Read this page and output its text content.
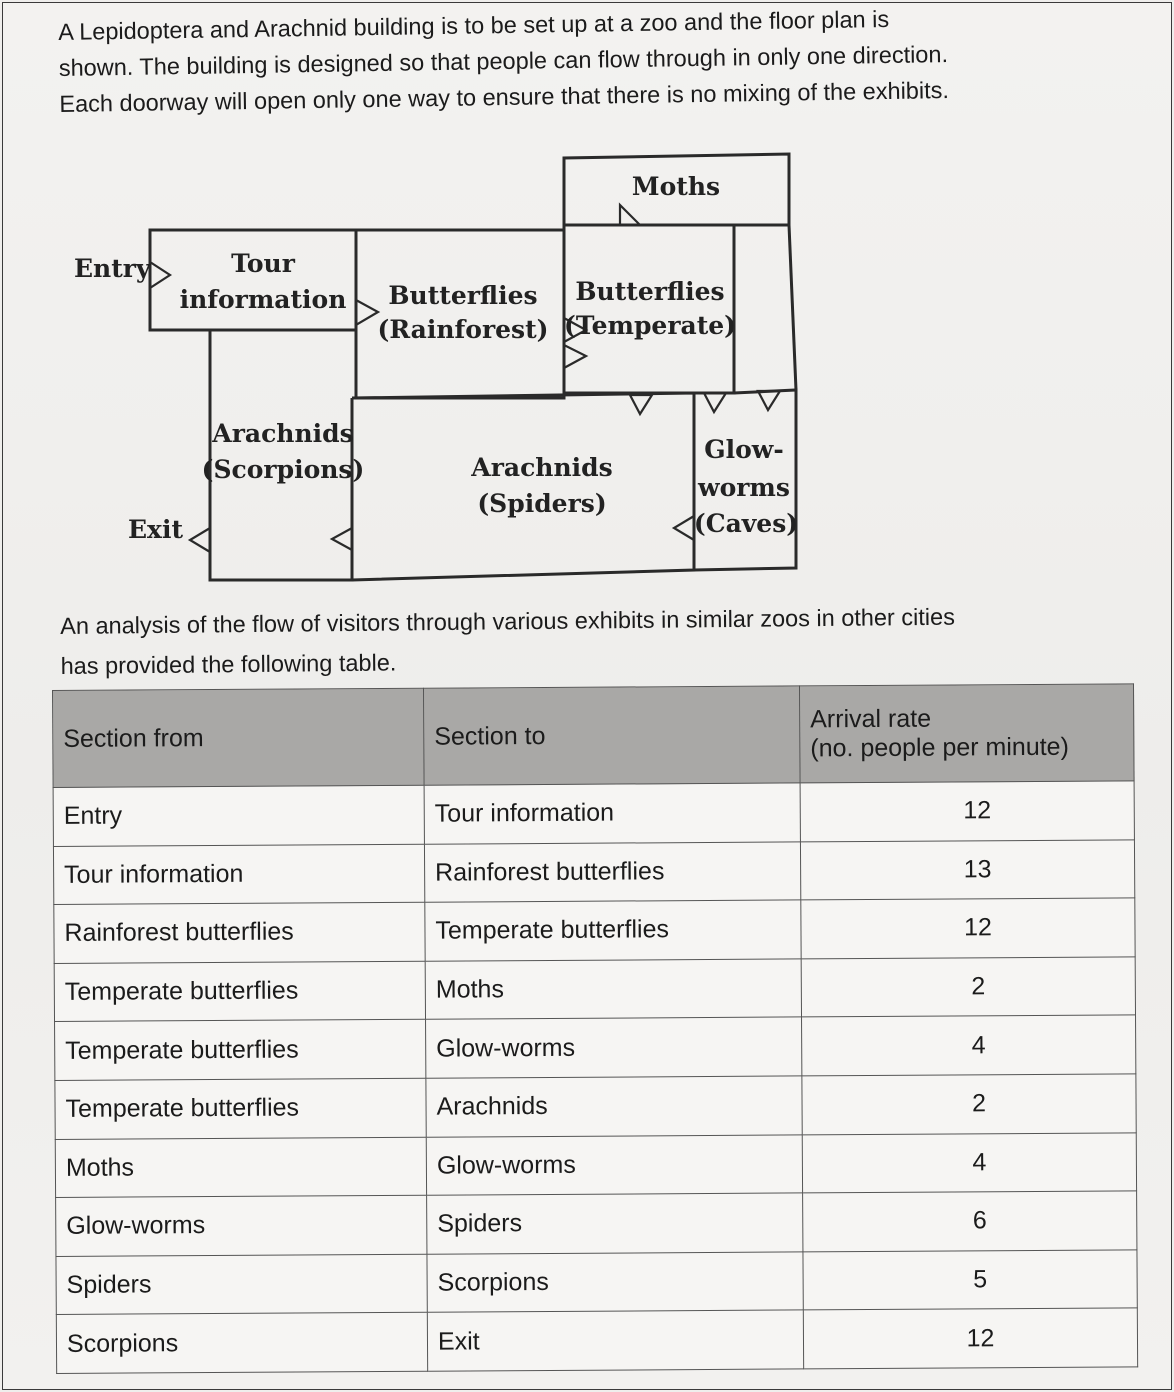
A Lepidoptera and Arachnid building is to be set up at a zoo and the floor plan is

shown. The building is designed so that people can flow through in only one direction.

Each doorway will open only one way to ensure that there is no mixing of the exhibits.

Entry
Exit
Tour
information Butterflies
(Rainforest)
Butterflies
(Temperate)
Moths
Arachnids
(Scorpions)	Arachnids
(Spiders)
Glow-
worms
(Caves)

An analysis of the flow of visitors through various exhibits in similar zoos in other cities

has provided the following table.

Section from	Section to	Arrival rate
(no. people per minute)

Entry	Tour information	12
Tour information	Rainforest butterflies	13
Rainforest butterflies	Temperate butterflies	12
Temperate butterflies	Moths	2
Temperate butterflies	Glow-worms	4
Temperate butterflies	Arachnids	2
Moths	Glow-worms	4
Glow-worms	Spiders	6
Spiders	Scorpions	5
Scorpions	Exit	12
